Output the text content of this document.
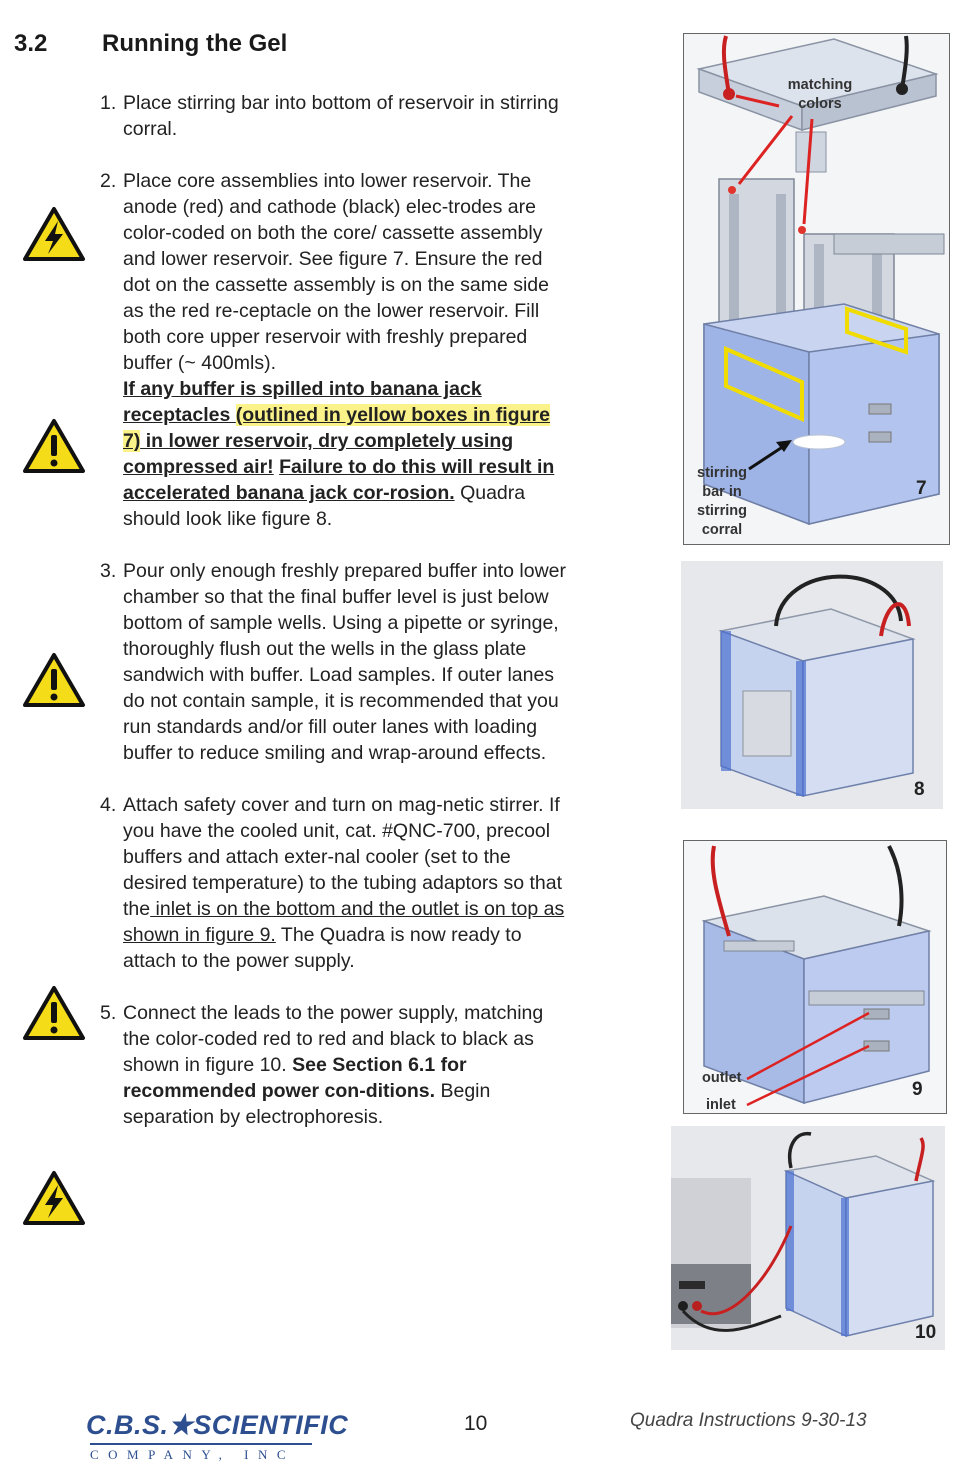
3.2 Running the Gel
1. Place stirring bar into bottom of reservoir in stirring corral.
2. Place core assemblies into lower reservoir. The anode (red) and cathode (black) elec-trodes are color-coded on both the core/ cassette assembly and lower reservoir. See figure 7. Ensure the red dot on the cassette assembly is on the same side as the red re-ceptacle on the lower reservoir. Fill both core upper reservoir with freshly prepared buffer (~ 400mls).
If any buffer is spilled into banana jack receptacles (outlined in yellow boxes in figure 7) in lower reservoir, dry completely using compressed air! Failure to do this will result in accelerated banana jack cor-rosion. Quadra should look like figure 8.
3. Pour only enough freshly prepared buffer into lower chamber so that the final buffer level is just below bottom of sample wells. Using a pipette or syringe, thoroughly flush out the wells in the glass plate sandwich with buffer. Load samples. If outer lanes do not contain sample, it is recommended that you run standards and/or fill outer lanes with loading buffer to reduce smiling and wrap-around effects.
4. Attach safety cover and turn on mag-netic stirrer. If you have the cooled unit, cat. #QNC-700, precool buffers and attach exter-nal cooler (set to the desired temperature) to the tubing adaptors so that the inlet is on the bottom and the outlet is on top as shown in figure 9. The Quadra is now ready to attach to the power supply.
5. Connect the leads to the power supply, matching the color-coded red to red and black to black as shown in figure 10. See Section 6.1 for recommended power con-ditions. Begin separation by electrophoresis.
matching colors
stirring bar in stirring corral
7
8
outlet
inlet
9
10
C.B.S.★SCIENTIFIC
COMPANY, INC
10	Quadra Instructions 9-30-13
